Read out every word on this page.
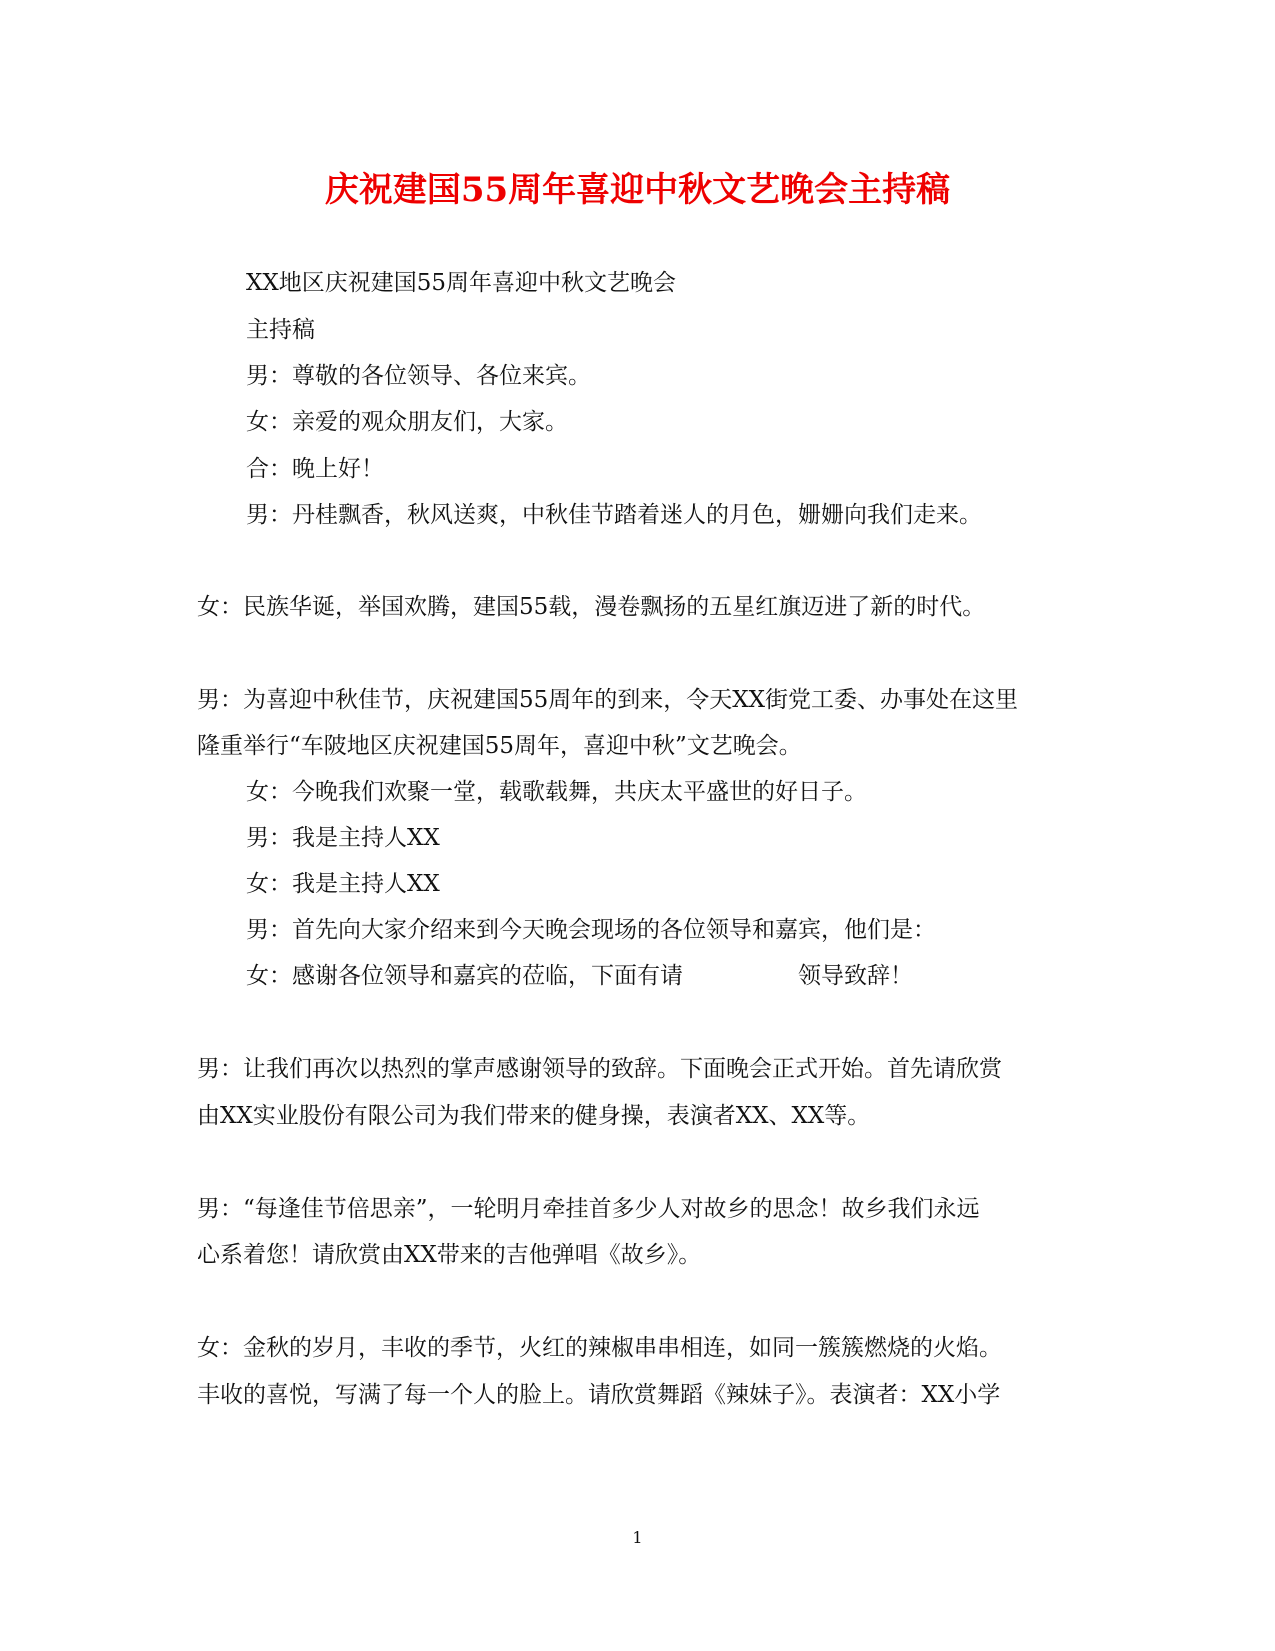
庆祝建国55周年喜迎中秋文艺晚会主持稿
XX地区庆祝建国55周年喜迎中秋文艺晚会
主持稿
男：尊敬的各位领导、各位来宾。
女：亲爱的观众朋友们，大家。
合：晚上好！
男：丹桂飘香，秋风送爽，中秋佳节踏着迷人的月色，姗姗向我们走来。
女：民族华诞，举国欢腾，建国55载，漫卷飘扬的五星红旗迈进了新的时代。
男：为喜迎中秋佳节，庆祝建国55周年的到来，令天XX街党工委、办事处在这里
隆重举行“车陂地区庆祝建国55周年，喜迎中秋”文艺晚会。
女：今晚我们欢聚一堂，载歌载舞，共庆太平盛世的好日子。
男：我是主持人XX
女：我是主持人XX
男：首先向大家介绍来到今天晚会现场的各位领导和嘉宾，他们是：
女：感谢各位领导和嘉宾的莅临，下面有请　　　　　领导致辞！
男：让我们再次以热烈的掌声感谢领导的致辞。下面晚会正式开始。首先请欣赏
由XX实业股份有限公司为我们带来的健身操，表演者XX、XX等。
男：“每逢佳节倍思亲”，一轮明月牵挂首多少人对故乡的思念！故乡我们永远
心系着您！请欣赏由XX带来的吉他弹唱《故乡》。
女：金秋的岁月，丰收的季节，火红的辣椒串串相连，如同一簇簇燃烧的火焰。
丰收的喜悦，写满了每一个人的脸上。请欣赏舞蹈《辣妹子》。表演者：XX小学
1
